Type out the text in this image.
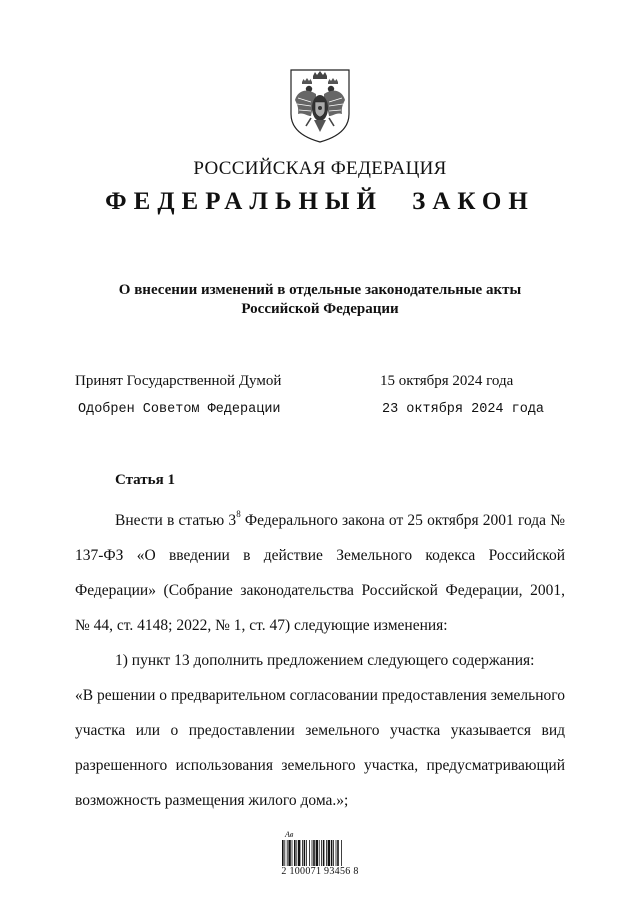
РОССИЙСКАЯ ФЕДЕРАЦИЯ
ФЕДЕРАЛЬНЫЙ ЗАКОН
О внесении изменений в отдельные законодательные акты
Российской Федерации
Принят Государственной Думой	15 октября 2024 года
Одобрен Советом Федерации	23 октября 2024 года
Статья 1

Внести в статью $3^8$ Федерального закона от 25 октября 2001 года № 137-ФЗ «О введении в действие Земельного кодекса Российской Федерации» (Собрание законодательства Российской Федерации, 2001, № 44, ст. 4148; 2022, № 1, ст. 47) следующие изменения:

1) пункт 13 дополнить предложением следующего содержания:

«В решении о предварительном согласовании предоставления земельного участка или о предоставлении земельного участка указывается вид разрешенного использования земельного участка, предусматривающий возможность размещения жилого дома.»;

Ав
2 100071 93456 8
